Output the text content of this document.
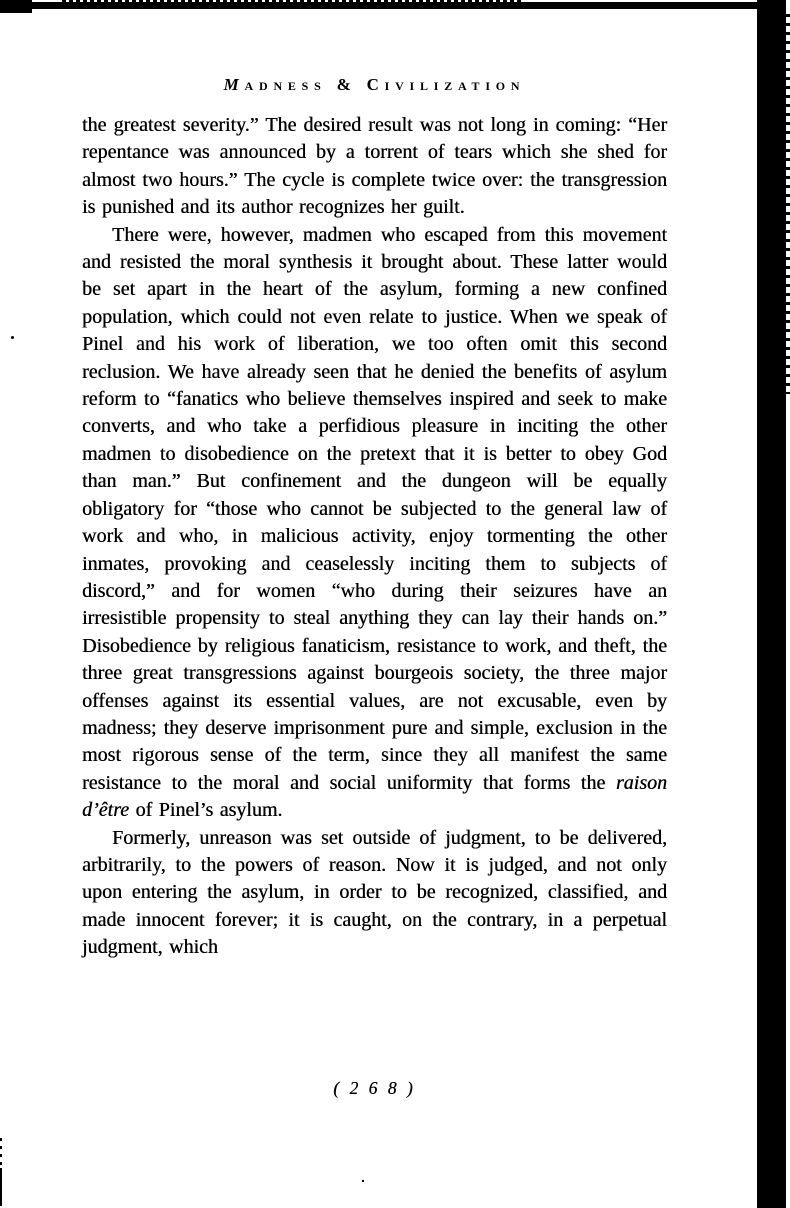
Madness & Civilization

the greatest severity.” The desired result was not long in coming: “Her repentance was announced by a torrent of tears which she shed for almost two hours.” The cycle is complete twice over: the transgression is punished and its author recognizes her guilt.

There were, however, madmen who escaped from this movement and resisted the moral synthesis it brought about. These latter would be set apart in the heart of the asylum, forming a new confined population, which could not even relate to justice. When we speak of Pinel and his work of liberation, we too often omit this second reclusion. We have already seen that he denied the benefits of asylum reform to “fanatics who believe themselves inspired and seek to make converts, and who take a perfidious pleasure in inciting the other madmen to disobedience on the pretext that it is better to obey God than man.” But confinement and the dungeon will be equally obligatory for “those who cannot be subjected to the general law of work and who, in malicious activity, enjoy tormenting the other inmates, provoking and ceaselessly inciting them to subjects of discord,” and for women “who during their seizures have an irresistible propensity to steal anything they can lay their hands on.” Disobedience by religious fanaticism, resistance to work, and theft, the three great transgressions against bourgeois society, the three major offenses against its essential values, are not excusable, even by madness; they deserve imprisonment pure and simple, exclusion in the most rigorous sense of the term, since they all manifest the same resistance to the moral and social uniformity that forms the raison d’être of Pinel’s asylum.

Formerly, unreason was set outside of judgment, to be delivered, arbitrarily, to the powers of reason. Now it is judged, and not only upon entering the asylum, in order to be recognized, classified, and made innocent forever; it is caught, on the contrary, in a perpetual judgment, which

( 2 6 8 )
